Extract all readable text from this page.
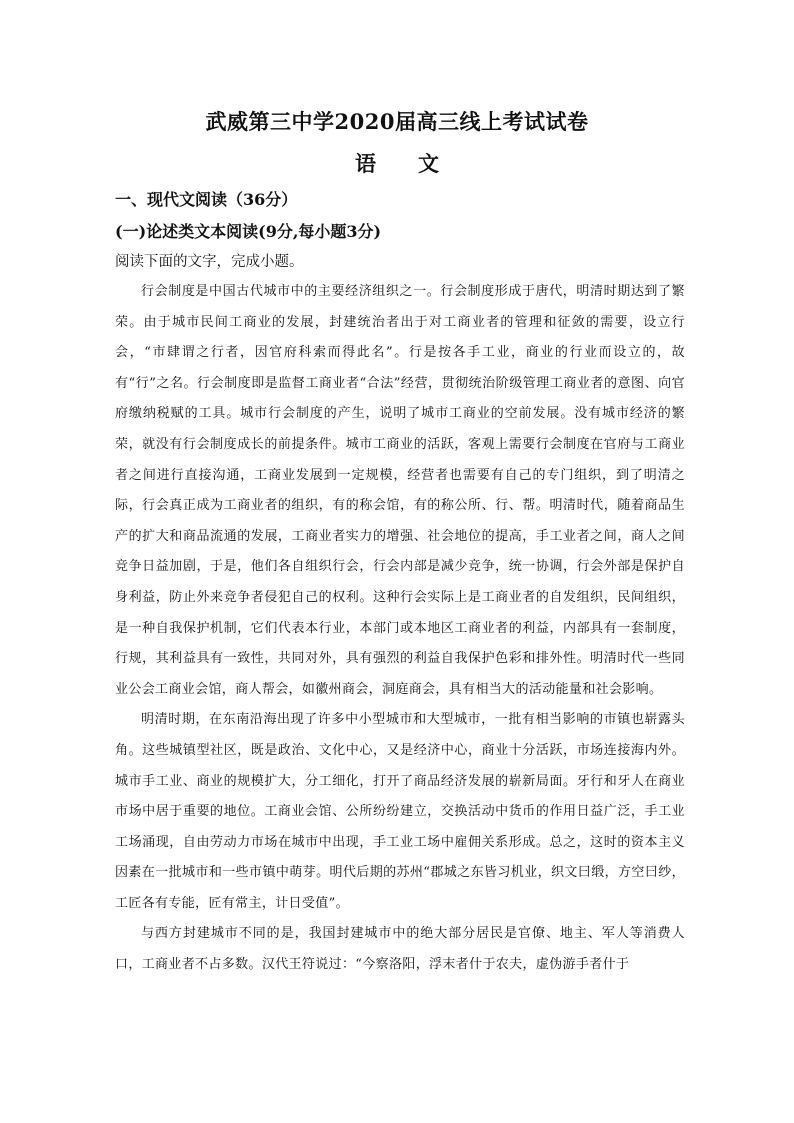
武威第三中学2020届高三线上考试试卷
语 文
一、现代文阅读（36分）
(一)论述类文本阅读(9分,每小题3分)
阅读下面的文字，完成小题。

行会制度是中国古代城市中的主要经济组织之一。行会制度形成于唐代，明清时期达到了繁荣。由于城市民间工商业的发展，封建统治者出于对工商业者的管理和征敛的需要，设立行会，“市肆谓之行者，因官府科索而得此名”。行是按各手工业，商业的行业而设立的，故有“行”之名。行会制度即是监督工商业者“合法”经营，贯彻统治阶级管理工商业者的意图、向官府缴纳税赋的工具。城市行会制度的产生，说明了城市工商业的空前发展。没有城市经济的繁荣，就没有行会制度成长的前提条件。城市工商业的活跃，客观上需要行会制度在官府与工商业者之间进行直接沟通，工商业发展到一定规模，经营者也需要有自己的专门组织，到了明清之际，行会真正成为工商业者的组织，有的称会馆，有的称公所、行、帮。明清时代，随着商品生产的扩大和商品流通的发展，工商业者实力的增强、社会地位的提高，手工业者之间，商人之间竞争日益加剧，于是，他们各自组织行会，行会内部是减少竞争，统一协调，行会外部是保护自身利益，防止外来竞争者侵犯自己的权利。这种行会实际上是工商业者的自发组织，民间组织，是一种自我保护机制，它们代表本行业，本部门或本地区工商业者的利益，内部具有一套制度，行规，其利益具有一致性，共同对外，具有强烈的利益自我保护色彩和排外性。明清时代一些同业公会工商业会馆，商人帮会，如徽州商会，洞庭商会，具有相当大的活动能量和社会影响。

明清时期，在东南沿海出现了许多中小型城市和大型城市，一批有相当影响的市镇也崭露头角。这些城镇型社区，既是政治、文化中心，又是经济中心，商业十分活跃，市场连接海内外。城市手工业、商业的规模扩大，分工细化，打开了商品经济发展的崭新局面。牙行和牙人在商业市场中居于重要的地位。工商业会馆、公所纷纷建立，交换活动中货币的作用日益广泛，手工业工场涌现，自由劳动力市场在城市中出现，手工业工场中雇佣关系形成。总之，这时的资本主义因素在一批城市和一些市镇中萌芽。明代后期的苏州“郡城之东皆习机业，织文曰缎，方空曰纱，工匠各有专能，匠有常主，计日受值”。

与西方封建城市不同的是，我国封建城市中的绝大部分居民是官僚、地主、军人等消费人口，工商业者不占多数。汉代王符说过：“今察洛阳，浮末者什于农夫，虚伪游手者什于
